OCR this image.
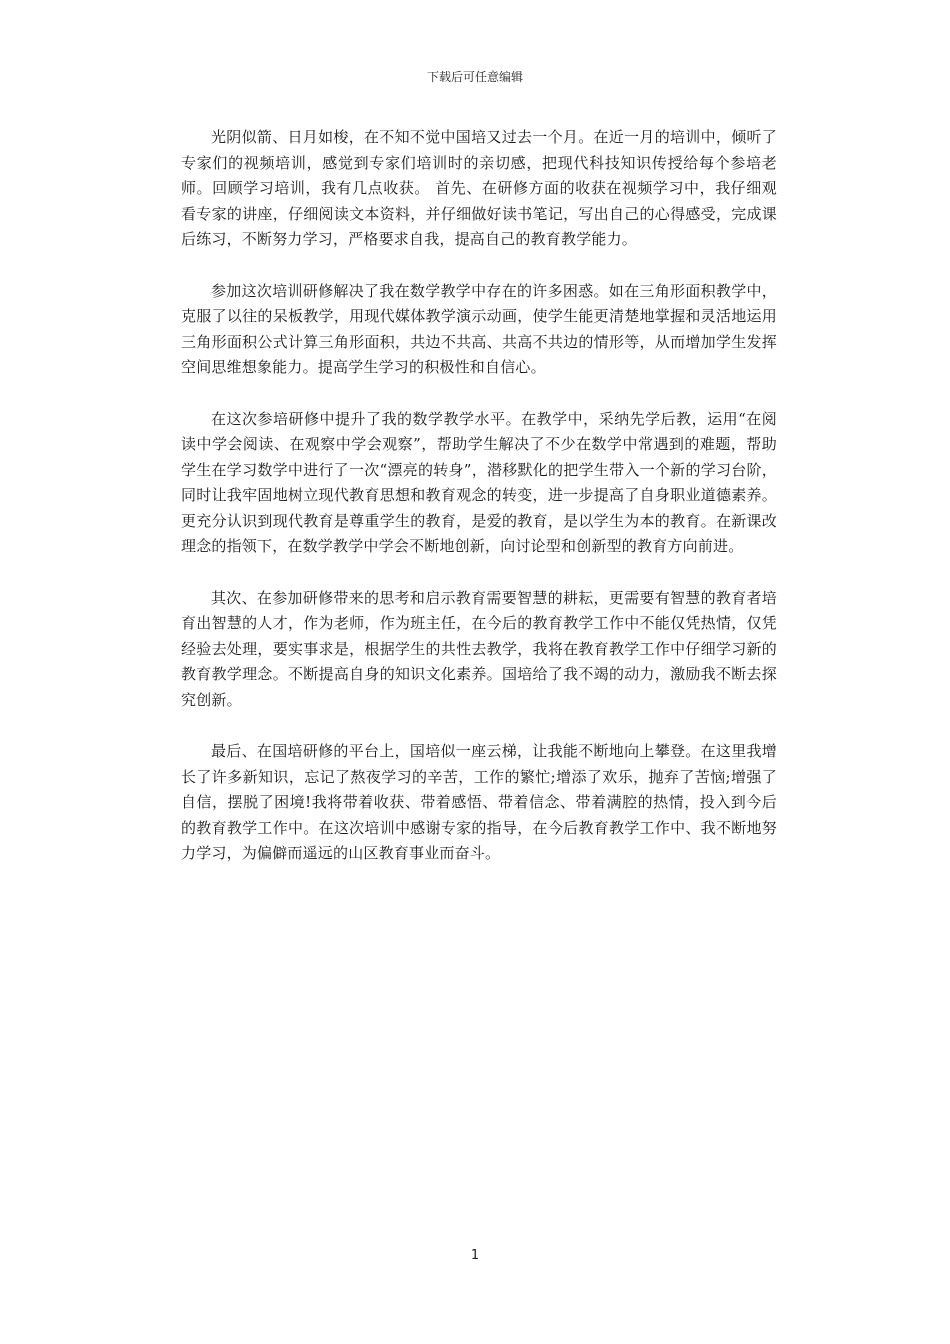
下载后可任意编辑

光阴似箭、日月如梭，在不知不觉中国培又过去一个月。在近一月的培训中，倾听了专家们的视频培训，感觉到专家们培训时的亲切感，把现代科技知识传授给每个参培老师。回顾学习培训，我有几点收获。 首先、在研修方面的收获在视频学习中，我仔细观看专家的讲座，仔细阅读文本资料，并仔细做好读书笔记，写出自己的心得感受，完成课后练习，不断努力学习，严格要求自我，提高自己的教育教学能力。

参加这次培训研修解决了我在数学教学中存在的许多困惑。如在三角形面积教学中，克服了以往的呆板教学，用现代媒体教学演示动画，使学生能更清楚地掌握和灵活地运用三角形面积公式计算三角形面积，共边不共高、共高不共边的情形等，从而增加学生发挥空间思维想象能力。提高学生学习的积极性和自信心。

在这次参培研修中提升了我的数学教学水平。在教学中，采纳先学后教，运用“在阅读中学会阅读、在观察中学会观察”，帮助学生解决了不少在数学中常遇到的难题，帮助学生在学习数学中进行了一次“漂亮的转身”，潜移默化的把学生带入一个新的学习台阶，同时让我牢固地树立现代教育思想和教育观念的转变，进一步提高了自身职业道德素养。更充分认识到现代教育是尊重学生的教育，是爱的教育，是以学生为本的教育。在新课改理念的指领下，在数学教学中学会不断地创新，向讨论型和创新型的教育方向前进。

其次、在参加研修带来的思考和启示教育需要智慧的耕耘，更需要有智慧的教育者培育出智慧的人才，作为老师，作为班主任，在今后的教育教学工作中不能仅凭热情，仅凭经验去处理，要实事求是，根据学生的共性去教学，我将在教育教学工作中仔细学习新的教育教学理念。不断提高自身的知识文化素养。国培给了我不竭的动力，激励我不断去探究创新。

最后、在国培研修的平台上，国培似一座云梯，让我能不断地向上攀登。在这里我增长了许多新知识，忘记了熬夜学习的辛苦，工作的繁忙;增添了欢乐，抛弃了苦恼;增强了自信，摆脱了困境!我将带着收获、带着感悟、带着信念、带着满腔的热情，投入到今后的教育教学工作中。在这次培训中感谢专家的指导，在今后教育教学工作中、我不断地努力学习，为偏僻而遥远的山区教育事业而奋斗。

1
